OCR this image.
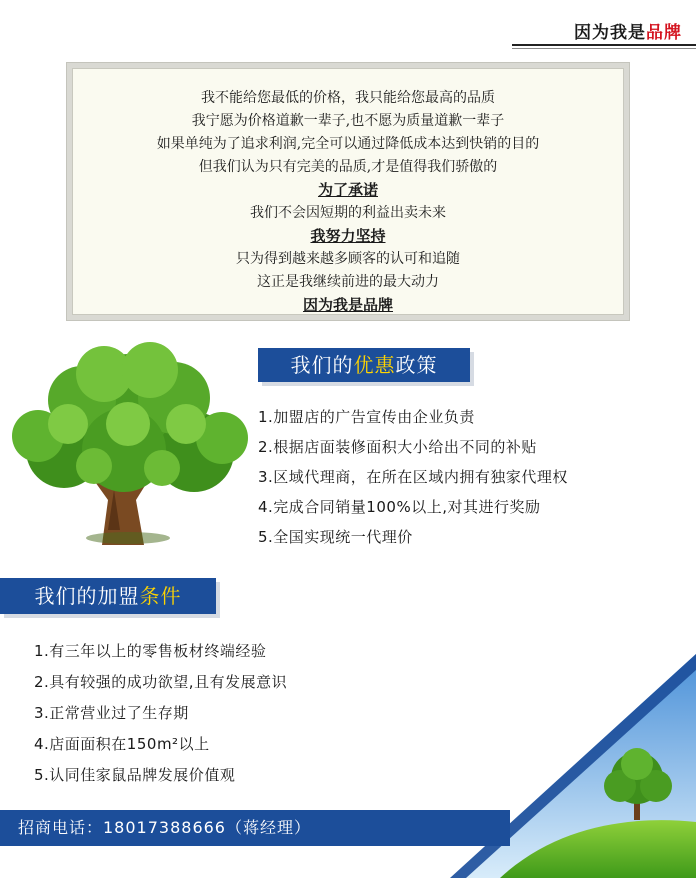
因为我是品牌
我不能给您最低的价格，我只能给您最高的品质
我宁愿为价格道歉一辈子,也不愿为质量道歉一辈子
如果单纯为了追求利润,完全可以通过降低成本达到快销的目的
但我们认为只有完美的品质,才是值得我们骄傲的
为了承诺
我们不会因短期的利益出卖未来
我努力坚持
只为得到越来越多顾客的认可和追随
这正是我继续前进的最大动力
因为我是品牌
我们的优惠政策
1.加盟店的广告宣传由企业负责
2.根据店面装修面积大小给出不同的补贴
3.区域代理商，在所在区域内拥有独家代理权
4.完成合同销量100%以上,对其进行奖励
5.全国实现统一代理价
我们的加盟条件
1.有三年以上的零售板材终端经验
2.具有较强的成功欲望,且有发展意识
3.正常营业过了生存期
4.店面面积在150m²以上
5.认同佳家鼠品牌发展价值观
招商电话：18017388666（蒋经理）
